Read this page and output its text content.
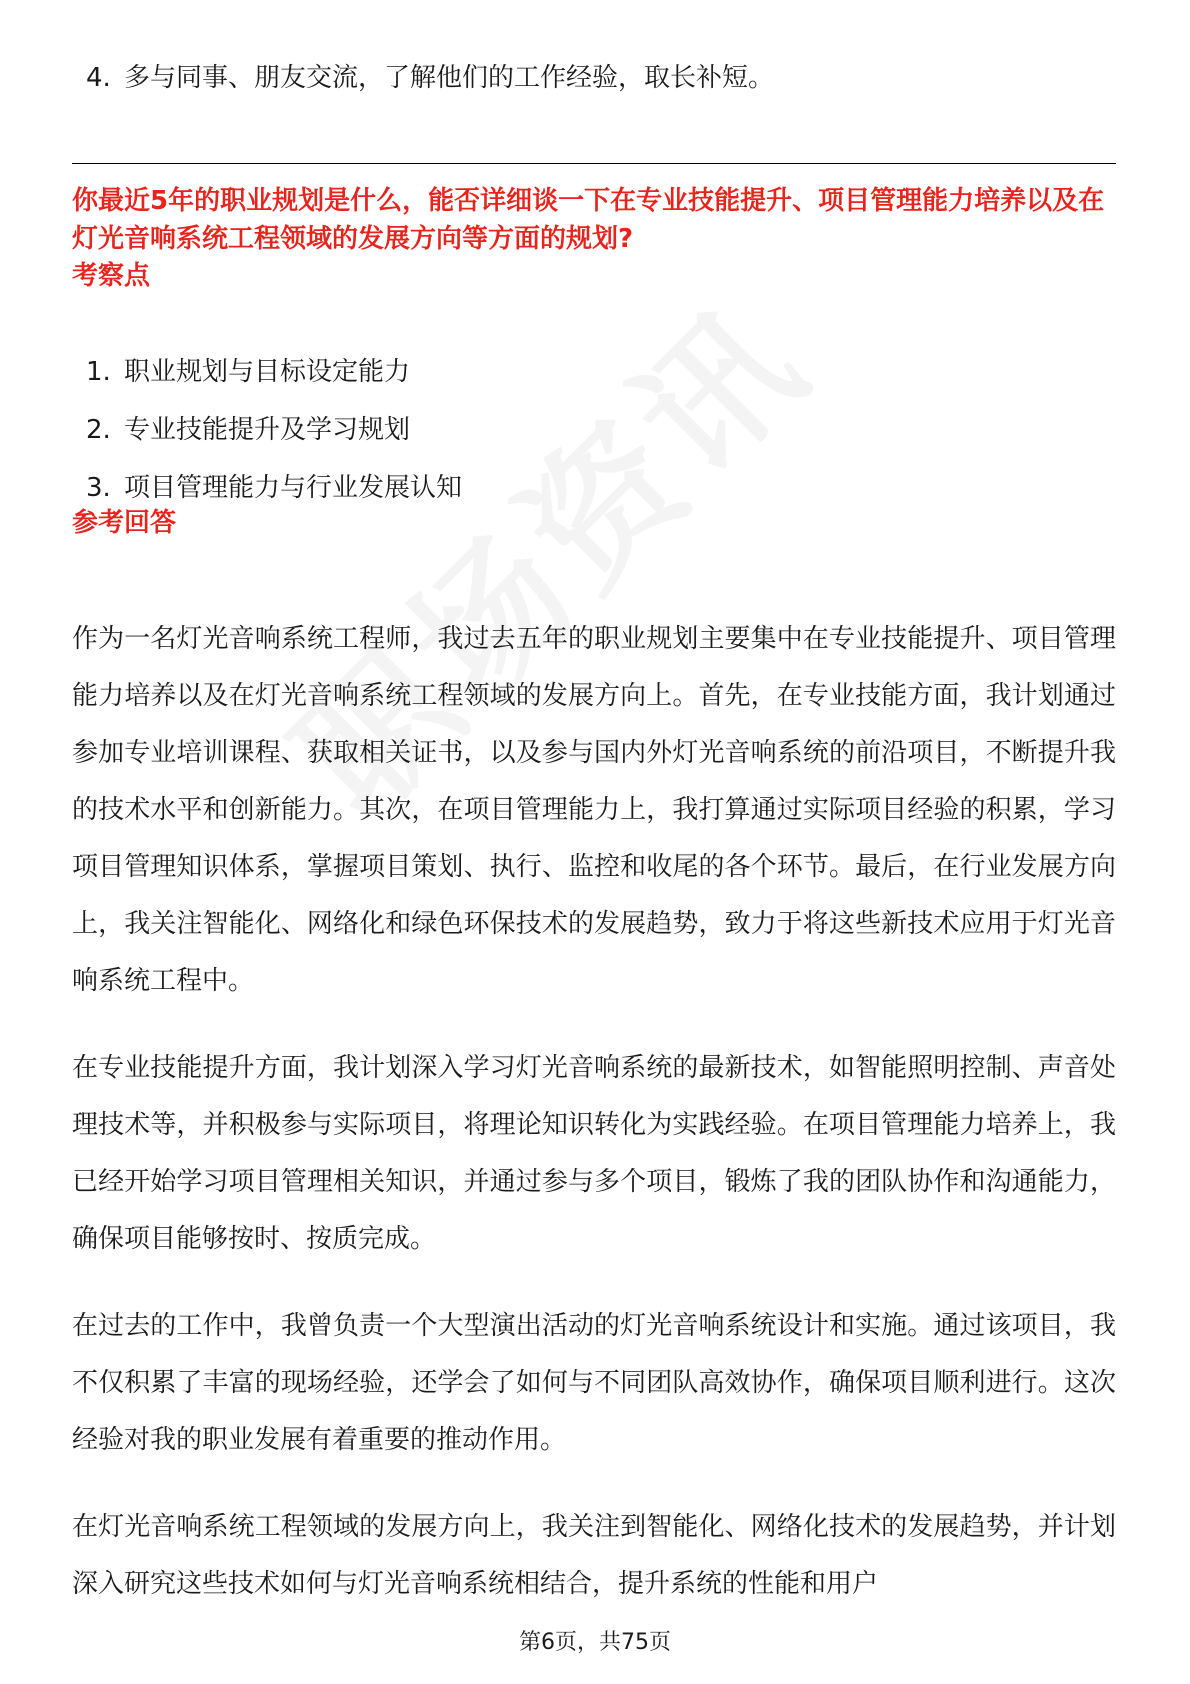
4. 多与同事、朋友交流，了解他们的工作经验，取长补短。
你最近5年的职业规划是什么，能否详细谈一下在专业技能提升、项目管理能力培养以及在灯光音响系统工程领域的发展方向等方面的规划?
考察点
1. 职业规划与目标设定能力
2. 专业技能提升及学习规划
3. 项目管理能力与行业发展认知
参考回答

作为一名灯光音响系统工程师，我过去五年的职业规划主要集中在专业技能提升、项目管理能力培养以及在灯光音响系统工程领域的发展方向上。首先，在专业技能方面，我计划通过参加专业培训课程、获取相关证书，以及参与国内外灯光音响系统的前沿项目，不断提升我的技术水平和创新能力。其次，在项目管理能力上，我打算通过实际项目经验的积累，学习项目管理知识体系，掌握项目策划、执行、监控和收尾的各个环节。最后，在行业发展方向上，我关注智能化、网络化和绿色环保技术的发展趋势，致力于将这些新技术应用于灯光音响系统工程中。

在专业技能提升方面，我计划深入学习灯光音响系统的最新技术，如智能照明控制、声音处理技术等，并积极参与实际项目，将理论知识转化为实践经验。在项目管理能力培养上，我已经开始学习项目管理相关知识，并通过参与多个项目，锻炼了我的团队协作和沟通能力，确保项目能够按时、按质完成。

在过去的工作中，我曾负责一个大型演出活动的灯光音响系统设计和实施。通过该项目，我不仅积累了丰富的现场经验，还学会了如何与不同团队高效协作，确保项目顺利进行。这次经验对我的职业发展有着重要的推动作用。

在灯光音响系统工程领域的发展方向上，我关注到智能化、网络化技术的发展趋势，并计划深入研究这些技术如何与灯光音响系统相结合，提升系统的性能和用户

第6页，共75页
